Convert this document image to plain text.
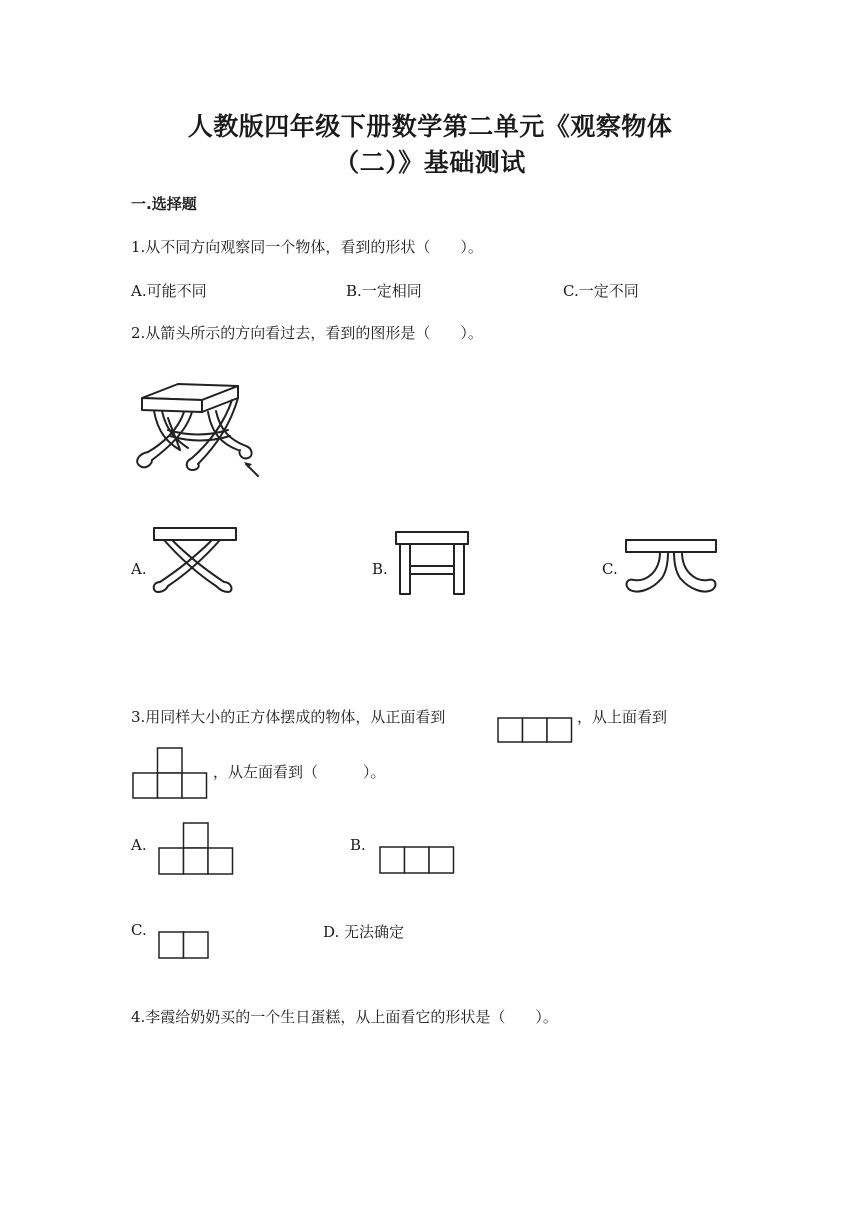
人教版四年级下册数学第二单元《观察物体
（二）》基础测试
一.选择题
1.从不同方向观察同一个物体，看到的形状（　　）。
A.可能不同	B.一定相同	C.一定不同
2.从箭头所示的方向看过去，看到的图形是（　　）。
A.	B.	C.
3.用同样大小的正方体摆成的物体，从正面看到	，从上面看到
，从左面看到（　　　）。
A.	B.
C.	D. 无法确定
4.李霞给奶奶买的一个生日蛋糕，从上面看它的形状是（　　）。
